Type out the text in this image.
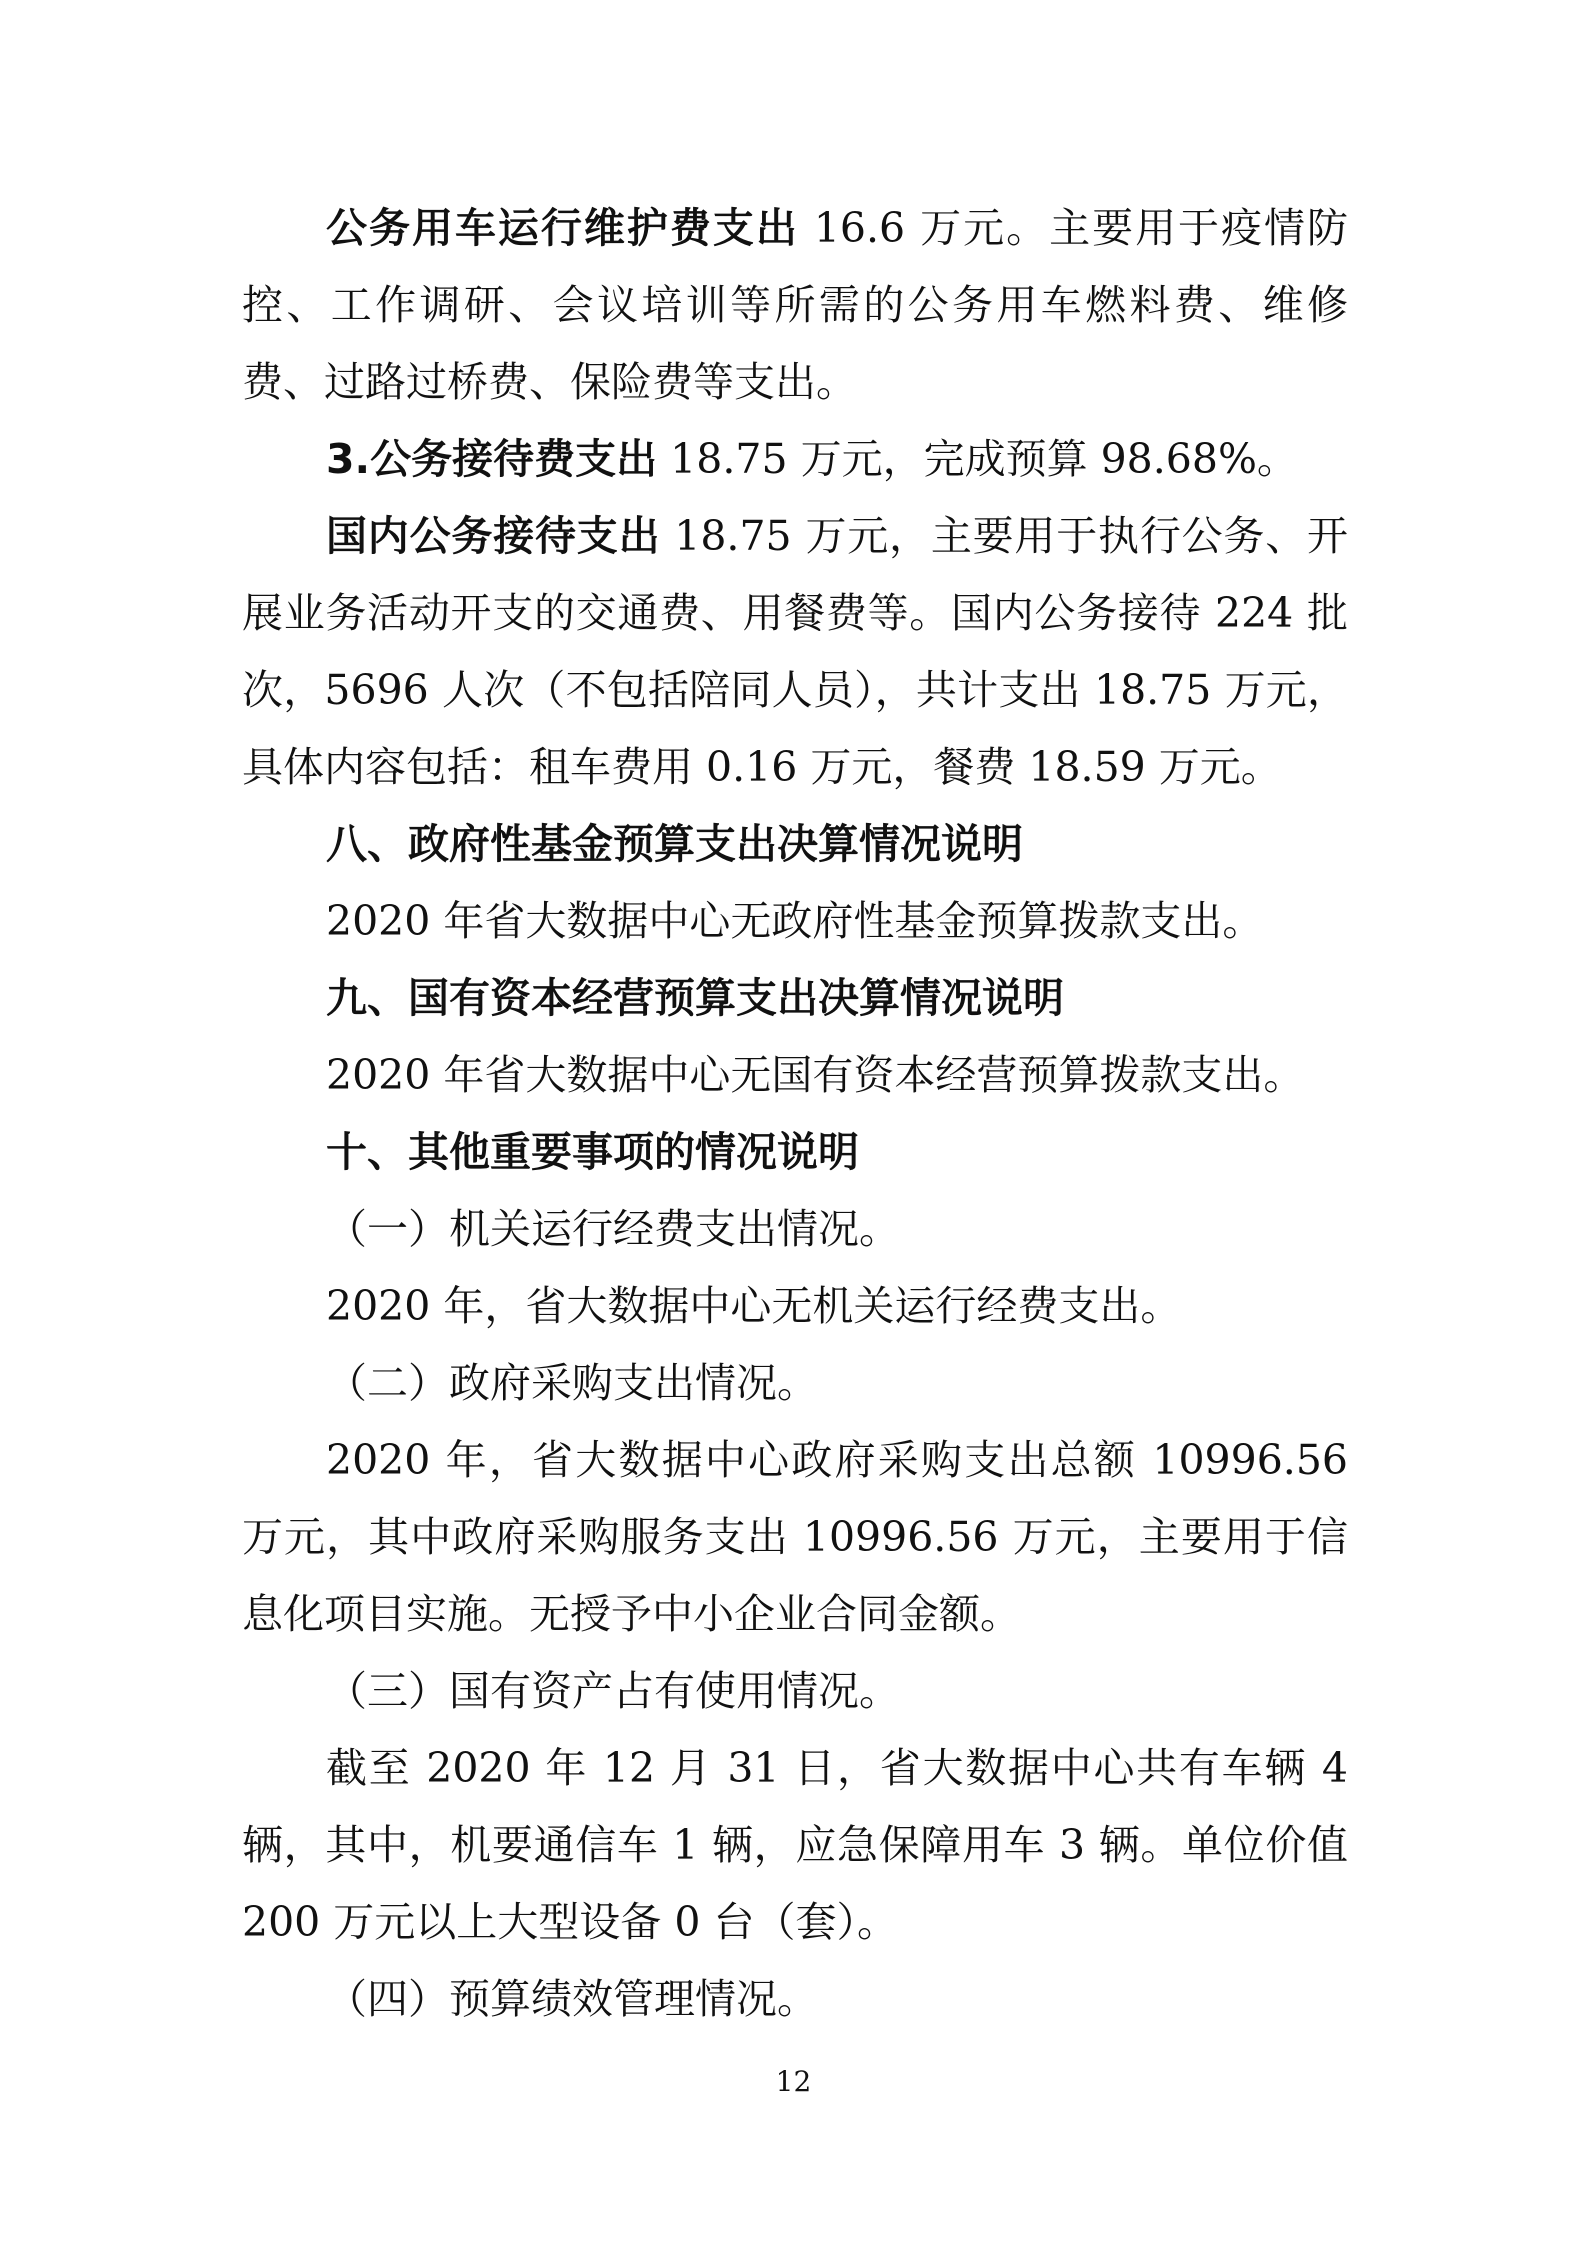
公务用车运行维护费支出 16.6 万元。主要用于疫情防控、工作调研、会议培训等所需的公务用车燃料费、维修费、过路过桥费、保险费等支出。

3.公务接待费支出 18.75 万元，完成预算 98.68%。

国内公务接待支出 18.75 万元，主要用于执行公务、开展业务活动开支的交通费、用餐费等。国内公务接待 224 批次，5696 人次（不包括陪同人员），共计支出 18.75 万元，具体内容包括：租车费用 0.16 万元，餐费 18.59 万元。

八、政府性基金预算支出决算情况说明

2020 年省大数据中心无政府性基金预算拨款支出。

九、国有资本经营预算支出决算情况说明

2020 年省大数据中心无国有资本经营预算拨款支出。

十、其他重要事项的情况说明

（一）机关运行经费支出情况。

2020 年，省大数据中心无机关运行经费支出。

（二）政府采购支出情况。

2020 年，省大数据中心政府采购支出总额 10996.56 万元，其中政府采购服务支出 10996.56 万元，主要用于信息化项目实施。无授予中小企业合同金额。

（三）国有资产占有使用情况。

截至 2020 年 12 月 31 日，省大数据中心共有车辆 4 辆，其中，机要通信车 1 辆，应急保障用车 3 辆。单位价值 200 万元以上大型设备 0 台（套）。

（四）预算绩效管理情况。

12
